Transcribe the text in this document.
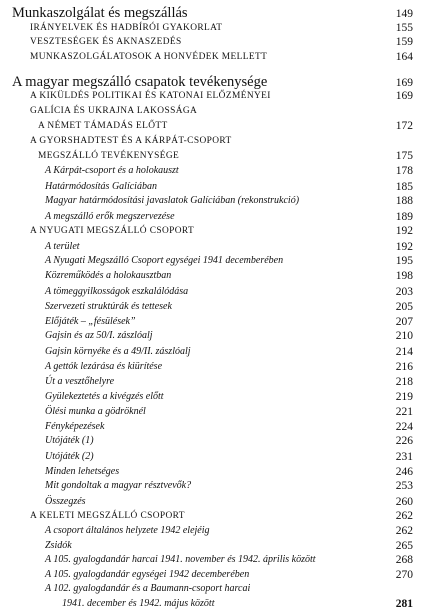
Munkaszolgálat és megszállás	149
IRÁNYELVEK ÉS HADBÍRÓI GYAKORLAT	155
VESZTESÉGEK ÉS AKNASZEDÉS	159
MUNKASZOLGÁLATOSOK A HONVÉDEK MELLETT	164
A magyar megszálló csapatok tevékenysége	169
A KIKÜLDÉS POLITIKAI ÉS KATONAI ELŐZMÉNYEI	169
GALÍCIA ÉS UKRAJNA LAKOSSÁGA
A NÉMET TÁMADÁS ELŐTT	172
A GYORSHADTEST ÉS A KÁRPÁT-CSOPORT
MEGSZÁLLÓ TEVÉKENYSÉGE	175
A Kárpát-csoport és a holokauszt	178
Határmódosítás Galíciában	185
Magyar határmódosítási javaslatok Galíciában (rekonstrukció)	188
A megszálló erők megszervezése	189
A NYUGATI MEGSZÁLLÓ CSOPORT	192
A terület	192
A Nyugati Megszálló Csoport egységei 1941 decemberében	195
Közreműködés a holokausztban	198
A tömeggyilkosságok eszkalálódása	203
Szervezeti struktúrák és tettesek	205
Előjáték – „fésülések”	207
Gajsin és az 50/I. zászlóalj	210
Gajsin környéke és a 49/II. zászlóalj	214
A gettók lezárása és kiürítése	216
Út a vesztőhelyre	218
Gyülekeztetés a kivégzés előtt	219
Ölési munka a gödröknél	221
Fényképezések	224
Utójáték (1)	226
Utójáték (2)	231
Minden lehetséges	246
Mit gondoltak a magyar résztvevők?	253
Összegzés	260
A KELETI MEGSZÁLLÓ CSOPORT	262
A csoport általános helyzete 1942 elejéig	262
Zsidók	265
A 105. gyalogdandár harcai 1941. november és 1942. április között	268
A 105. gyalogdandár egységei 1942 decemberében	270
A 102. gyalogdandár és a Baumann-csoport harcai
1941. december és 1942. május között	281
